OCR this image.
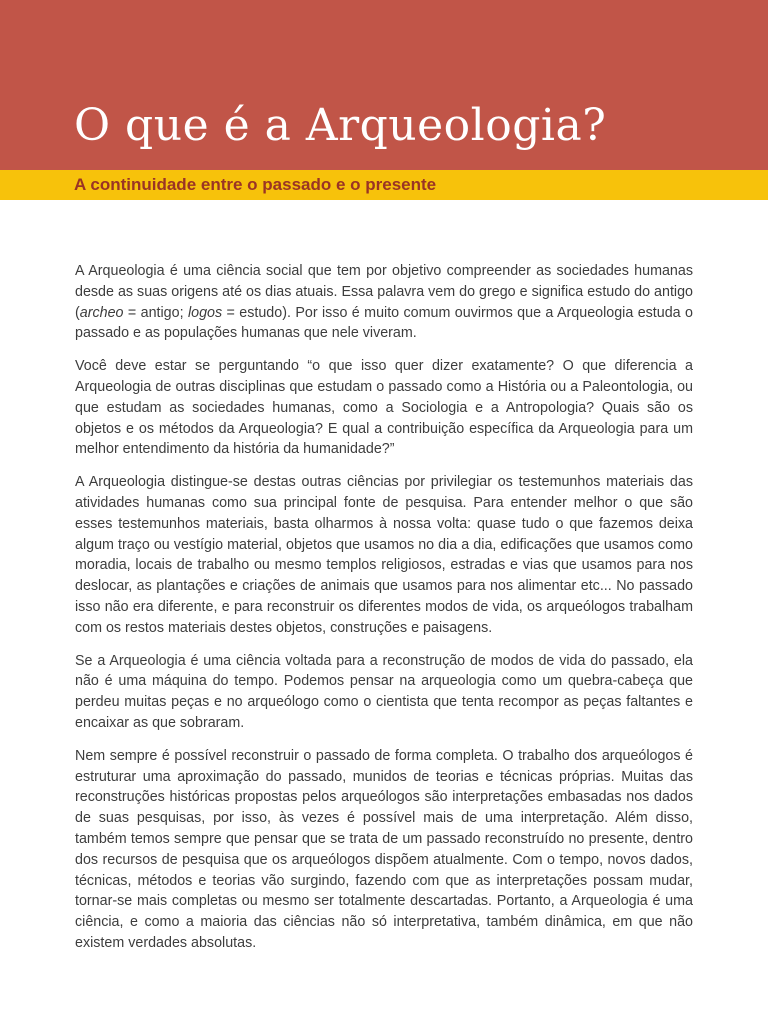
O que é a Arqueologia?
A continuidade entre o passado e o presente

A Arqueologia é uma ciência social que tem por objetivo compreender as sociedades humanas desde as suas origens até os dias atuais. Essa palavra vem do grego e significa estudo do antigo (archeo = antigo; logos = estudo). Por isso é muito comum ouvirmos que a Arqueologia estuda o passado e as populações humanas que nele viveram.

Você deve estar se perguntando “o que isso quer dizer exatamente? O que diferencia a Arqueologia de outras disciplinas que estudam o passado como a História ou a Paleontologia, ou que estudam as sociedades humanas, como a Sociologia e a Antropologia? Quais são os objetos e os métodos da Arqueologia? E qual a contribuição específica da Arqueologia para um melhor entendimento da história da humanidade?”

A Arqueologia distingue-se destas outras ciências por privilegiar os testemunhos materiais das atividades humanas como sua principal fonte de pesquisa. Para entender melhor o que são esses testemunhos materiais, basta olharmos à nossa volta: quase tudo o que fazemos deixa algum traço ou vestígio material, objetos que usamos no dia a dia, edificações que usamos como moradia, locais de trabalho ou mesmo templos religiosos, estradas e vias que usamos para nos deslocar, as plantações e criações de animais que usamos para nos alimentar etc... No passado isso não era diferente, e para reconstruir os diferentes modos de vida, os arqueólogos trabalham com os restos materiais destes objetos, construções e paisagens.

Se a Arqueologia é uma ciência voltada para a reconstrução de modos de vida do passado, ela não é uma máquina do tempo. Podemos pensar na arqueologia como um quebra-cabeça que perdeu muitas peças e no arqueólogo como o cientista que tenta recompor as peças faltantes e encaixar as que sobraram.

Nem sempre é possível reconstruir o passado de forma completa. O trabalho dos arqueólogos é estruturar uma aproximação do passado, munidos de teorias e técnicas próprias. Muitas das reconstruções históricas propostas pelos arqueólogos são interpretações embasadas nos dados de suas pesquisas, por isso, às vezes é possível mais de uma interpretação. Além disso, também temos sempre que pensar que se trata de um passado reconstruído no presente, dentro dos recursos de pesquisa que os arqueólogos dispõem atualmente. Com o tempo, novos dados, técnicas, métodos e teorias vão surgindo, fazendo com que as interpretações possam mudar, tornar-se mais completas ou mesmo ser totalmente descartadas. Portanto, a Arqueologia é uma ciência, e como a maioria das ciências não só interpretativa, também dinâmica, em que não existem verdades absolutas.
